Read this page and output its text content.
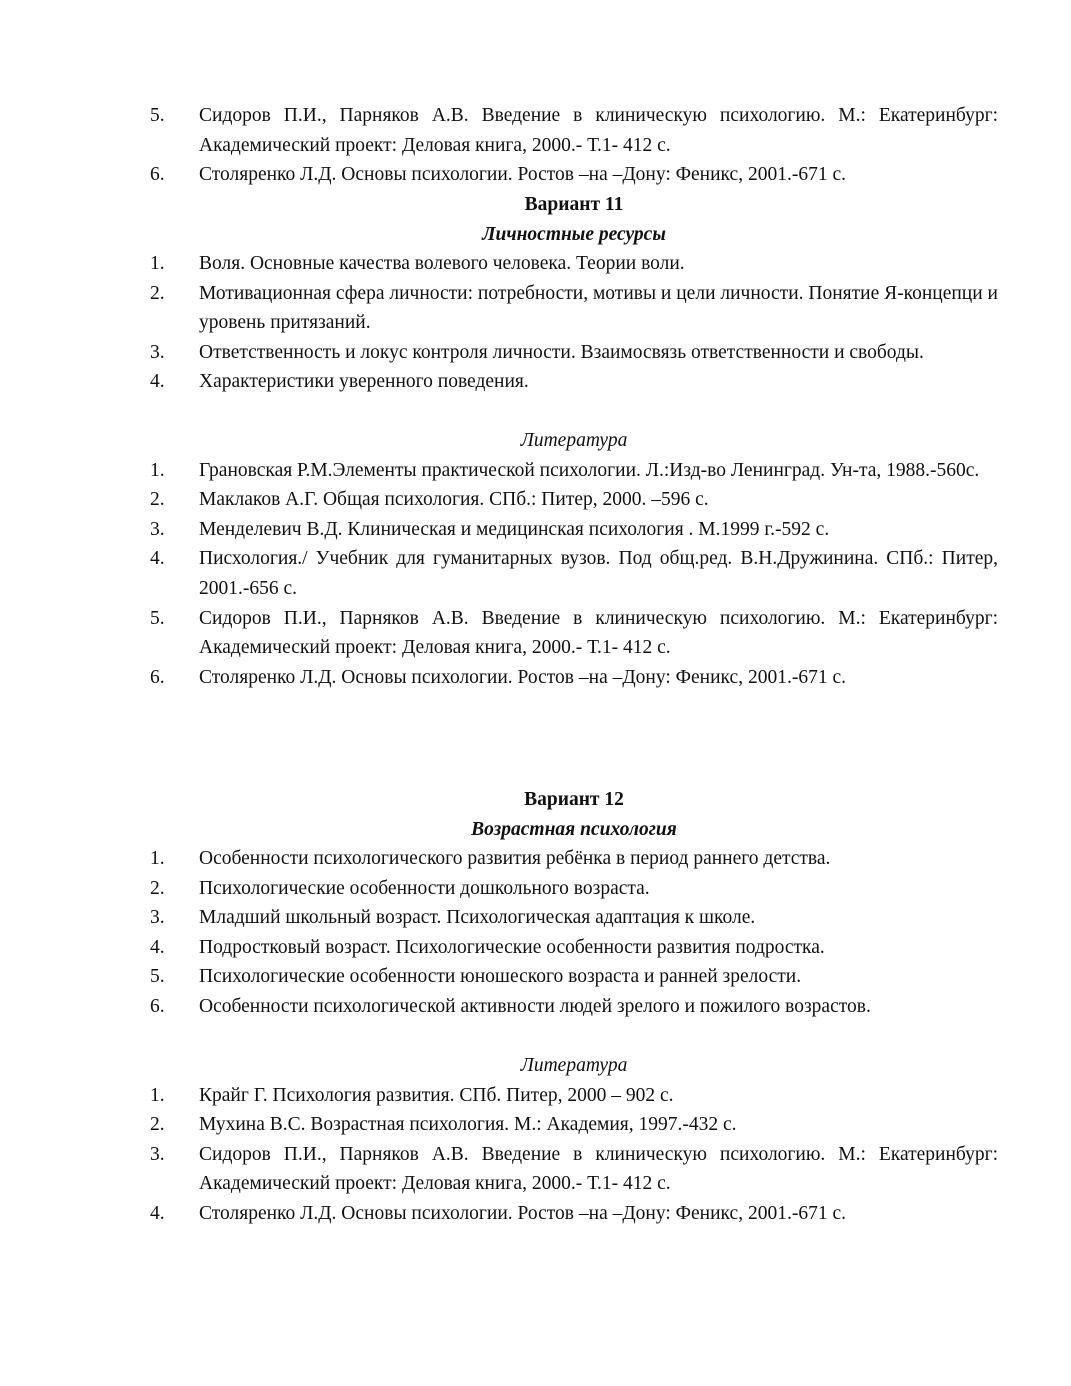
5.	Сидоров П.И., Парняков А.В. Введение в клиническую психологию. М.: Екатеринбург: Академический проект: Деловая книга, 2000.- Т.1- 412 с.
6.	Столяренко Л.Д. Основы психологии. Ростов –на –Дону: Феникс, 2001.-671 с.
Вариант 11
Личностные ресурсы
1.	Воля. Основные качества волевого человека. Теории воли.
2.	Мотивационная сфера личности: потребности, мотивы и цели личности. Понятие Я-концепци и уровень притязаний.
3.	Ответственность и локус контроля личности. Взаимосвязь ответственности и свободы.
4.	Характеристики уверенного поведения.
Литература
1.	Грановская Р.М.Элементы практической психологии. Л.:Изд-во Ленинград. Ун-та, 1988.-560с.
2.	Маклаков А.Г. Общая психология. СПб.: Питер, 2000. –596 с.
3.	Менделевич В.Д. Клиническая и медицинская психология . М.1999 г.-592 с.
4.	Писхология./ Учебник для гуманитарных вузов. Под общ.ред. В.Н.Дружинина. СПб.: Питер, 2001.-656 с.
5.	Сидоров П.И., Парняков А.В. Введение в клиническую психологию. М.: Екатеринбург: Академический проект: Деловая книга, 2000.- Т.1- 412 с.
6.	Столяренко Л.Д. Основы психологии. Ростов –на –Дону: Феникс, 2001.-671 с.
Вариант 12
Возрастная психология
1.	Особенности психологического развития ребёнка в период раннего детства.
2.	Психологические особенности дошкольного возраста.
3.	Младший школьный возраст. Психологическая адаптация к школе.
4.	Подростковый возраст. Психологические особенности развития подростка.
5.	Психологические особенности юношеского возраста и ранней зрелости.
6.	Особенности психологической активности людей зрелого и пожилого возрастов.
Литература
1.	Крайг Г. Психология развития. СПб. Питер, 2000 – 902 с.
2.	Мухина В.С. Возрастная психология. М.: Академия, 1997.-432 с.
3.	Сидоров П.И., Парняков А.В. Введение в клиническую психологию. М.: Екатеринбург: Академический проект: Деловая книга, 2000.- Т.1- 412 с.
4.	Столяренко Л.Д. Основы психологии. Ростов –на –Дону: Феникс, 2001.-671 с.
